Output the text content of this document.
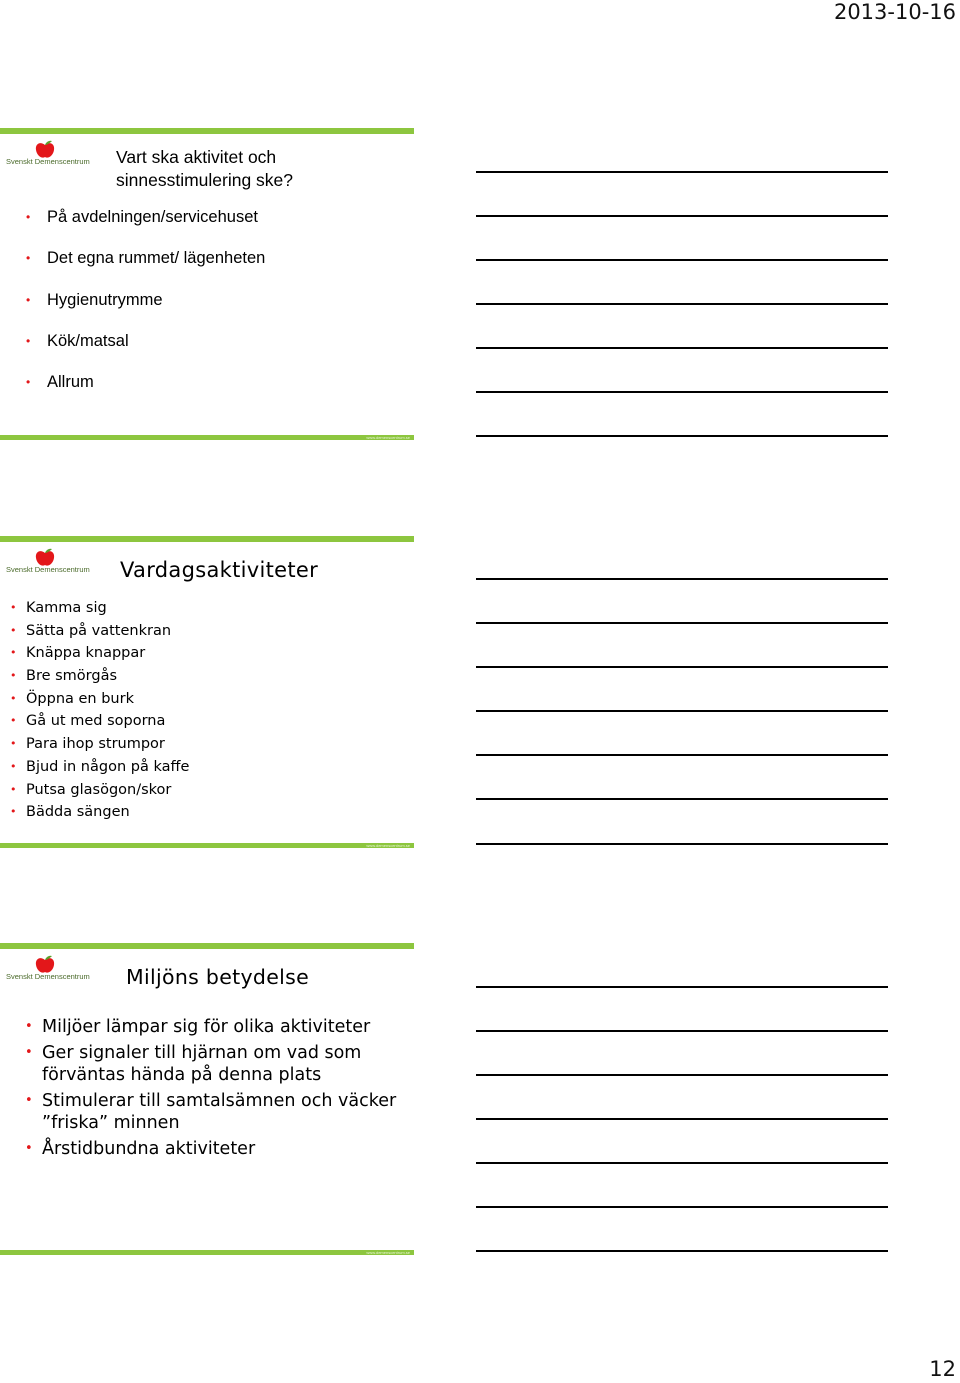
2013-10-16
Svenskt Demenscentrum Vart ska aktivitet och
sinnesstimulering ske?
• På avdelningen/servicehuset
• Det egna rummet/ lägenheten
• Hygienutrymme
• Kök/matsal
• Allrum
www.demenscentrum.se
Svenskt Demenscentrum Vardagsaktiviteter
• Kamma sig
• Sätta på vattenkran
• Knäppa knappar
• Bre smörgås
• Öppna en burk
• Gå ut med soporna
• Para ihop strumpor
• Bjud in någon på kaffe
• Putsa glasögon/skor
• Bädda sängen
www.demenscentrum.se
Svenskt Demenscentrum Miljöns betydelse
• Miljöer lämpar sig för olika aktiviteter
• Ger signaler till hjärnan om vad som
förväntas hända på denna plats
• Stimulerar till samtalsämnen och väcker
”friska” minnen
• Årstidbundna aktiviteter
www.demenscentrum.se
12
